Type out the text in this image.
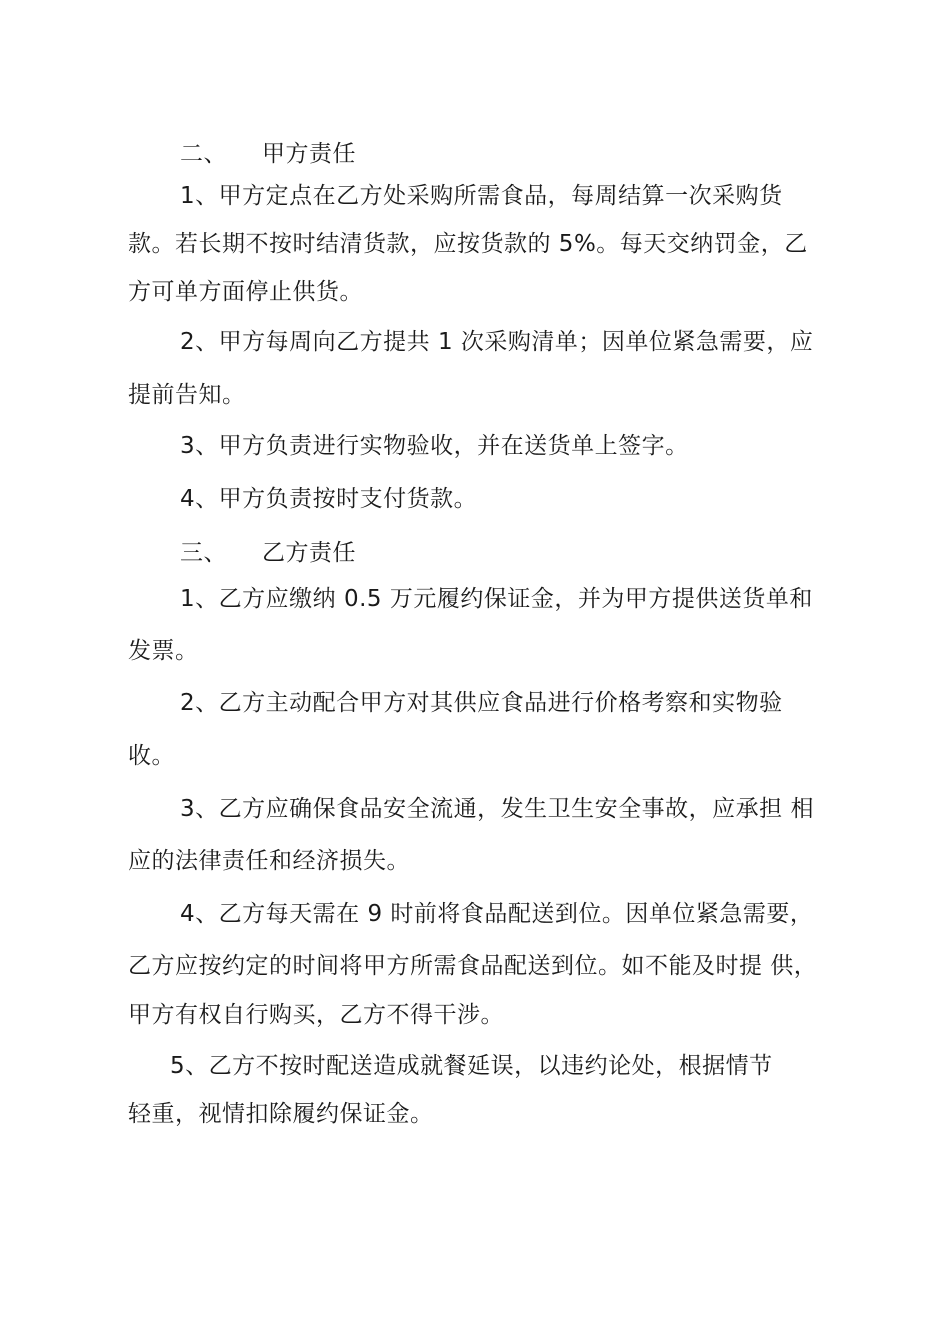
二、 甲方责任

1、甲方定点在乙方处采购所需食品，每周结算一次采购货

款。若长期不按时结清货款，应按货款的 5%。每天交纳罚金，乙

方可单方面停止供货。

2、甲方每周向乙方提共 1 次采购清单；因单位紧急需要，应

提前告知。

3、甲方负责进行实物验收，并在送货单上签字。

4、甲方负责按时支付货款。

三、 乙方责任

1、乙方应缴纳 0.5 万元履约保证金，并为甲方提供送货单和

发票。

2、乙方主动配合甲方对其供应食品进行价格考察和实物验

收。

3、乙方应确保食品安全流通，发生卫生安全事故，应承担 相

应的法律责任和经济损失。

4、乙方每天需在 9 时前将食品配送到位。因单位紧急需要，

乙方应按约定的时间将甲方所需食品配送到位。如不能及时提 供，

甲方有权自行购买，乙方不得干涉。

5、乙方不按时配送造成就餐延误，以违约论处，根据情节

轻重，视情扣除履约保证金。
